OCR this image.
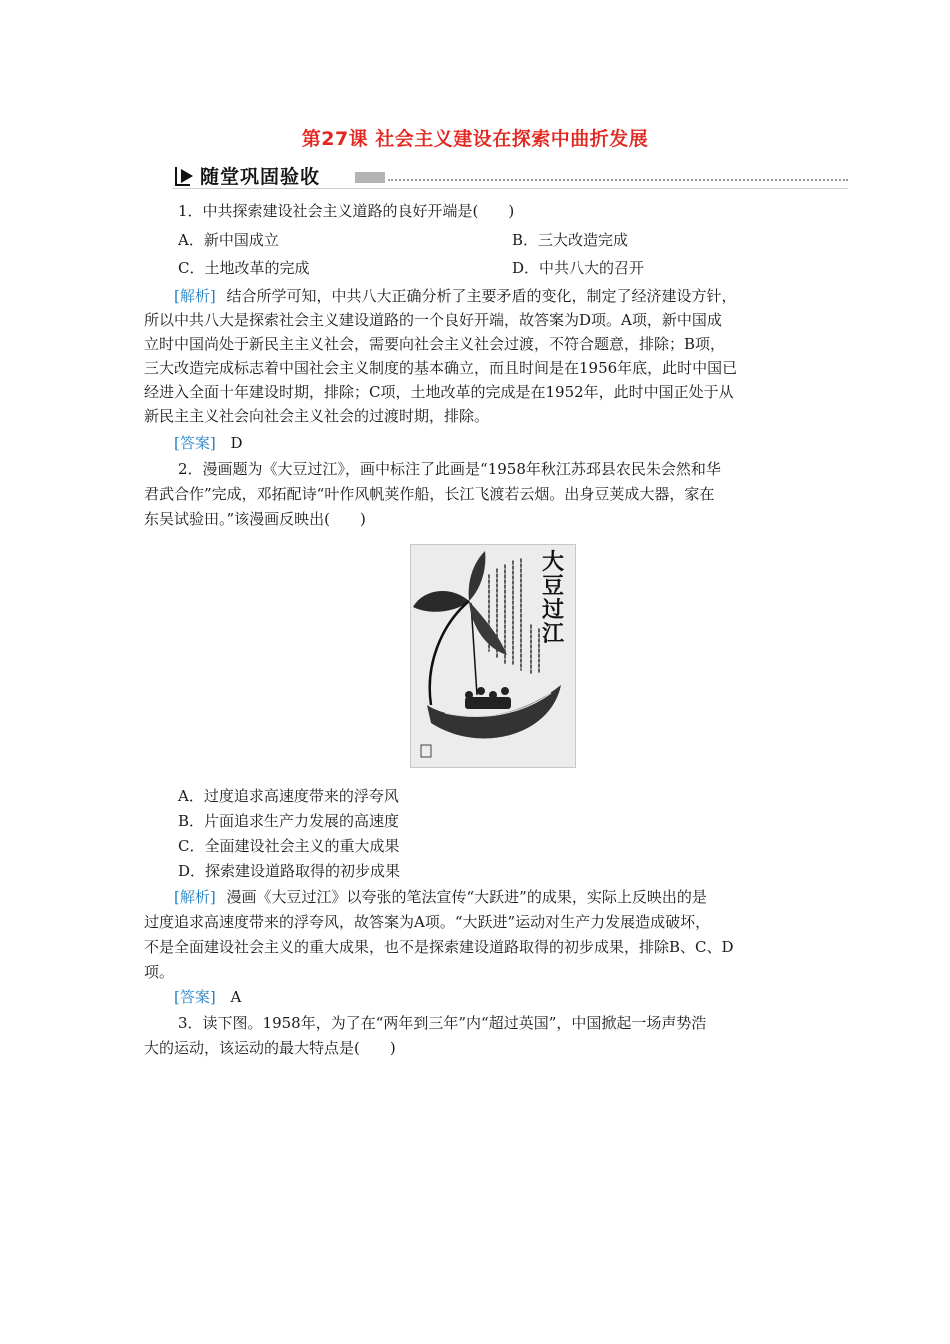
第27课 社会主义建设在探索中曲折发展
随堂巩固验收
1．中共探索建设社会主义道路的良好开端是(　　)
A．新中国成立	B．三大改造完成
C．土地改革的完成	D．中共八大的召开
[解析] 结合所学可知，中共八大正确分析了主要矛盾的变化，制定了经济建设方针，
所以中共八大是探索社会主义建设道路的一个良好开端，故答案为D项。A项，新中国成
立时中国尚处于新民主主义社会，需要向社会主义社会过渡，不符合题意，排除；B项，
三大改造完成标志着中国社会主义制度的基本确立，而且时间是在1956年底，此时中国已
经进入全面十年建设时期，排除；C项，土地改革的完成是在1952年，此时中国正处于从
新民主主义社会向社会主义社会的过渡时期，排除。
[答案] D
2．漫画题为《大豆过江》，画中标注了此画是“1958年秋江苏邳县农民朱会然和华
君武合作”完成，邓拓配诗“叶作风帆荚作船，长江飞渡若云烟。出身豆荚成大器，家在
东吴试验田。”该漫画反映出(　　)
大
豆
过
江
A．过度追求高速度带来的浮夸风
B．片面追求生产力发展的高速度
C．全面建设社会主义的重大成果
D．探索建设道路取得的初步成果
[解析] 漫画《大豆过江》以夸张的笔法宣传“大跃进”的成果，实际上反映出的是
过度追求高速度带来的浮夸风，故答案为A项。“大跃进”运动对生产力发展造成破坏，
不是全面建设社会主义的重大成果，也不是探索建设道路取得的初步成果，排除B、C、D
项。
[答案] A
3．读下图。1958年，为了在“两年到三年”内“超过英国”，中国掀起一场声势浩
大的运动，该运动的最大特点是(　　)
